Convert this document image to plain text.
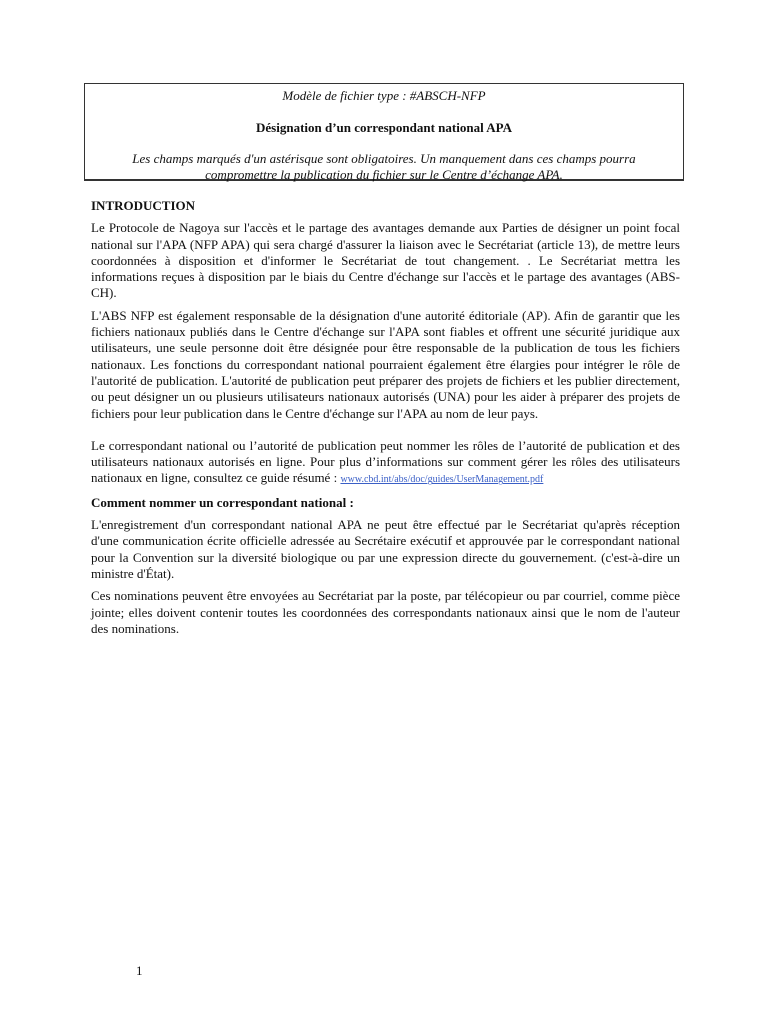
Modèle de fichier type : #ABSCH-NFP
Désignation d’un correspondant national APA
Les champs marqués d'un astérisque sont obligatoires. Un manquement dans ces champs pourra compromettre la publication du fichier sur le Centre d’échange APA.
INTRODUCTION

Le Protocole de Nagoya sur l'accès et le partage des avantages demande aux Parties de désigner un point focal national sur l'APA (NFP APA) qui sera chargé d'assurer la liaison avec le Secrétariat (article 13), de mettre leurs coordonnées à disposition et d'informer le Secrétariat de tout changement. . Le Secrétariat mettra les informations reçues à disposition par le biais du Centre d'échange sur l'accès et le partage des avantages (ABS-CH).

L'ABS NFP est également responsable de la désignation d'une autorité éditoriale (AP). Afin de garantir que les fichiers nationaux publiés dans le Centre d'échange sur l'APA sont fiables et offrent une sécurité juridique aux utilisateurs, une seule personne doit être désignée pour être responsable de la publication de tous les fichiers nationaux. Les fonctions du correspondant national pourraient également être élargies pour intégrer le rôle de l'autorité de publication. L'autorité de publication peut préparer des projets de fichiers et les publier directement, ou peut désigner un ou plusieurs utilisateurs nationaux autorisés (UNA) pour les aider à préparer des projets de fichiers pour leur publication dans le Centre d'échange sur l'APA au nom de leur pays.

Le correspondant national ou l’autorité de publication peut nommer les rôles de l’autorité de publication et des utilisateurs nationaux autorisés en ligne. Pour plus d’informations sur comment gérer les rôles des utilisateurs nationaux en ligne, consultez ce guide résumé : www.cbd.int/abs/doc/guides/UserManagement.pdf

Comment nommer un correspondant national :

L'enregistrement d'un correspondant national APA ne peut être effectué par le Secrétariat qu'après réception d'une communication écrite officielle adressée au Secrétaire exécutif et approuvée par le correspondant national pour la Convention sur la diversité biologique ou par une expression directe du gouvernement. (c'est-à-dire un ministre d'État).

Ces nominations peuvent être envoyées au Secrétariat par la poste, par télécopieur ou par courriel, comme pièce jointe; elles doivent contenir toutes les coordonnées des correspondants nationaux ainsi que le nom de l'auteur des nominations.

1
